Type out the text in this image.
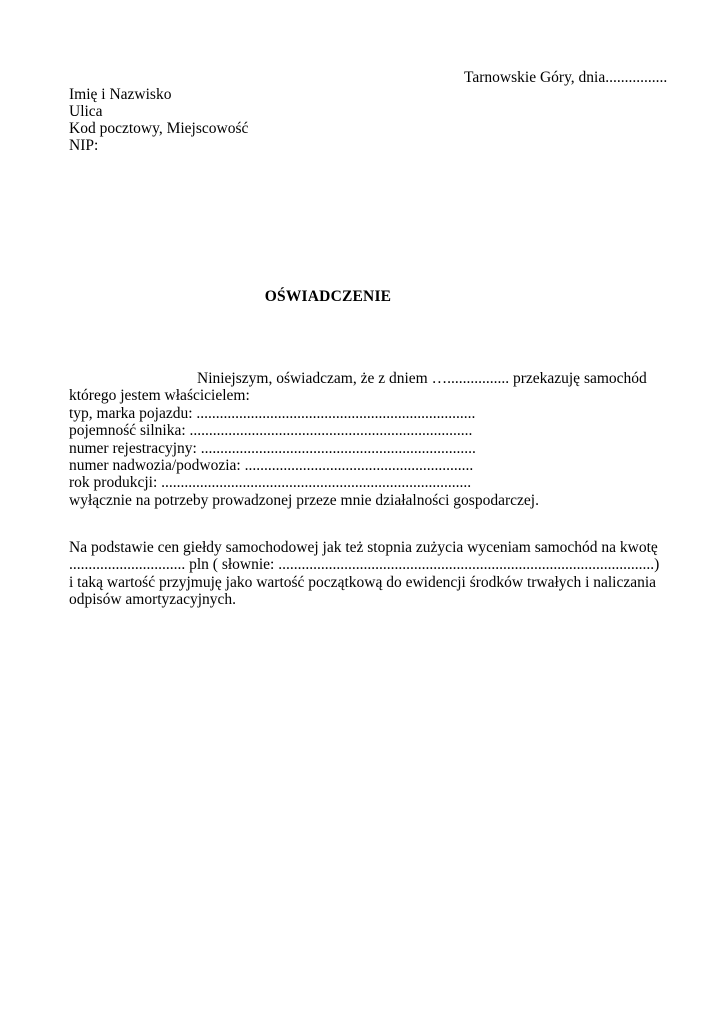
Tarnowskie Góry, dnia................
Imię i Nazwisko
Ulica
Kod pocztowy, Miejscowość
NIP:
OŚWIADCZENIE
Niniejszym, oświadczam, że z dniem …................ przekazuję samochód
którego jestem właścicielem:
typ, marka pojazdu: ........................................................................
pojemność silnika: .........................................................................
numer rejestracyjny: .......................................................................
numer nadwozia/podwozia: ...........................................................
rok produkcji: ................................................................................
wyłącznie na potrzeby prowadzonej przeze mnie działalności gospodarczej.
Na podstawie cen giełdy samochodowej jak też stopnia zużycia wyceniam samochód na kwotę
.............................. pln ( słownie: .................................................................................................)
i taką wartość przyjmuję jako wartość początkową do ewidencji środków trwałych i naliczania
odpisów amortyzacyjnych.
